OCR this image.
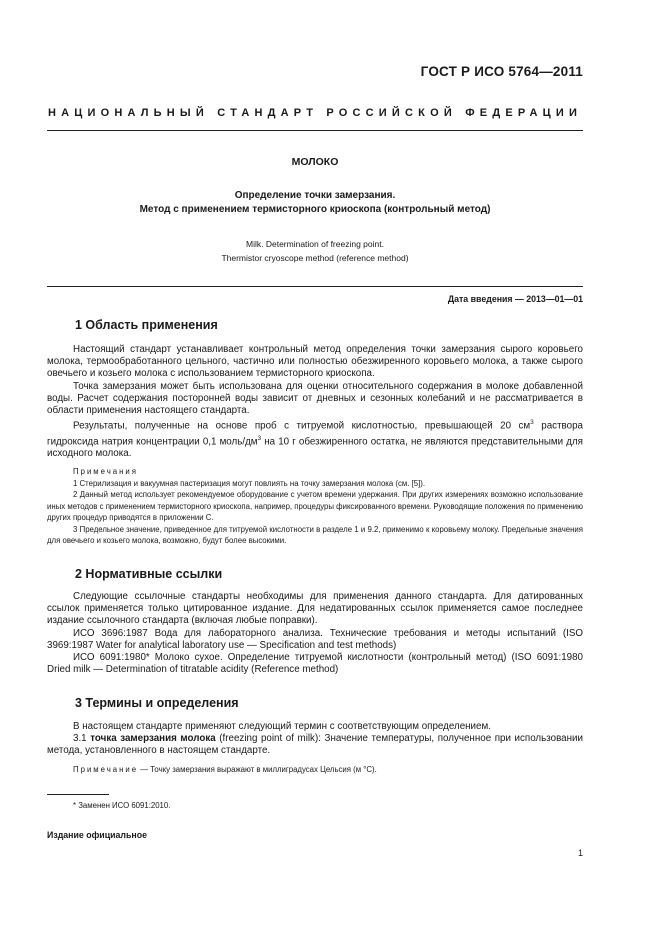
ГОСТ Р ИСО 5764—2011
НАЦИОНАЛЬНЫЙ СТАНДАРТ РОССИЙСКОЙ ФЕДЕРАЦИИ
МОЛОКО
Определение точки замерзания.
Метод с применением термисторного криоскопа (контрольный метод)
Milk. Determination of freezing point.
Thermistor cryoscope method (reference method)
Дата введения — 2013—01—01
1 Область применения

Настоящий стандарт устанавливает контрольный метод определения точки замерзания сырого коровьего молока, термообработанного цельного, частично или полностью обезжиренного коровьего молока, а также сырого овечьего и козьего молока с использованием термисторного криоскопа.

Точка замерзания может быть использована для оценки относительного содержания в молоке добавленной воды. Расчет содержания посторонней воды зависит от дневных и сезонных колебаний и не рассматривается в области применения настоящего стандарта.

Результаты, полученные на основе проб с титруемой кислотностью, превышающей 20 $см^3$ раствора гидроксида натрия концентрации 0,1 моль/$дм^3$ на 10 г обезжиренного остатка, не являются представительными для исходного молока.

Примечания

1 Стерилизация и вакуумная пастеризация могут повлиять на точку замерзания молока (см. [5]).

2 Данный метод использует рекомендуемое оборудование с учетом времени удержания. При других измерениях возможно использование иных методов с применением термисторного криоскопа, например, процедуры фиксированного времени. Руководящие положения по применению других процедур приводятся в приложении С.

3 Предельное значение, приведенное для титруемой кислотности в разделе 1 и 9.2, применимо к коровьему молоку. Предельные значения для овечьего и козьего молока, возможно, будут более высокими.

2 Нормативные ссылки

Следующие ссылочные стандарты необходимы для применения данного стандарта. Для датированных ссылок применяется только цитированное издание. Для недатированных ссылок применяется самое последнее издание ссылочного стандарта (включая любые поправки).

ИСО 3696:1987 Вода для лабораторного анализа. Технические требования и методы испытаний (ISO 3969:1987 Water for analytical laboratory use — Specification and test methods)

ИСО 6091:1980* Молоко сухое. Определение титруемой кислотности (контрольный метод) (ISO 6091:1980 Dried milk — Determination of titratable acidity (Reference method)

3 Термины и определения

В настоящем стандарте применяют следующий термин с соответствующим определением.

3.1 точка замерзания молока (freezing point of milk): Значение температуры, полученное при использовании метода, установленного в настоящем стандарте.

Примечание — Точку замерзания выражают в миллиградусах Цельсия (м °С).

* Заменен ИСО 6091:2010.
Издание официальное
1
